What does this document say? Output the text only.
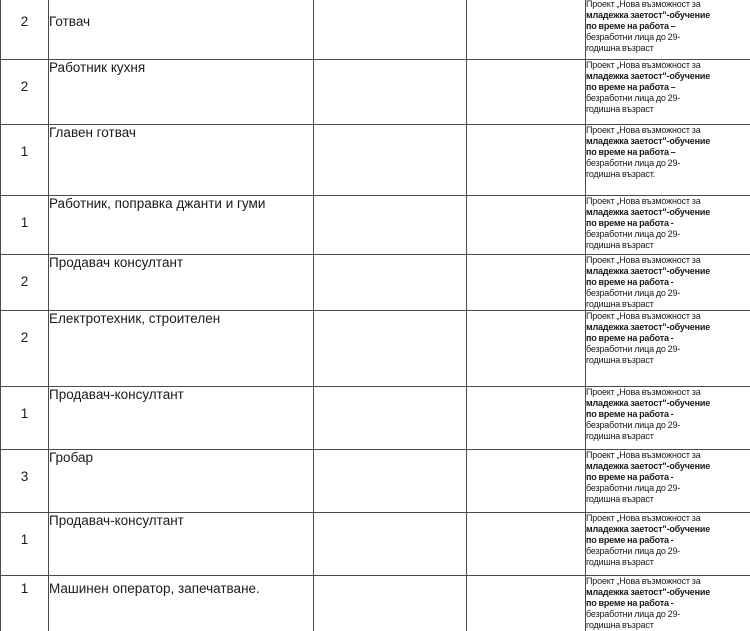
2	Готвач			Проект „Нова възможност за
младежка заетост"-обучение
по време на работа –
безработни лица до 29-
годишна възраст

2	Работник кухня			Проект „Нова възможност за
младежка заетост"-обучение
по време на работа –
безработни лица до 29-
годишна възраст

1	Главен готвач			Проект „Нова възможност за
младежка заетост"-обучение
по време на работа –
безработни лица до 29-
годишна възраст.

1	Работник, поправка джанти и гуми			Проект „Нова възможност за
младежка заетост"-обучение
по време на работа -
безработни лица до 29-
годишна възраст

2	Продавач консултант			Проект „Нова възможност за
младежка заетост"-обучение
по време на работа -
безработни лица до 29-
годишна възраст

2	Електротехник, строителен			Проект „Нова възможност за
младежка заетост"-обучение
по време на работа -
безработни лица до 29-
годишна възраст

1	Продавач-консултант			Проект „Нова възможност за
младежка заетост"-обучение
по време на работа -
безработни лица до 29-
годишна възраст

3	Гробар			Проект „Нова възможност за
младежка заетост"-обучение
по време на работа -
безработни лица до 29-
годишна възраст

1	Продавач-консултант			Проект „Нова възможност за
младежка заетост"-обучение
по време на работа -
безработни лица до 29-
годишна възраст

1	Машинен оператор, запечатване.			Проект „Нова възможност за
младежка заетост"-обучение
по време на работа -
безработни лица до 29-
годишна възраст
